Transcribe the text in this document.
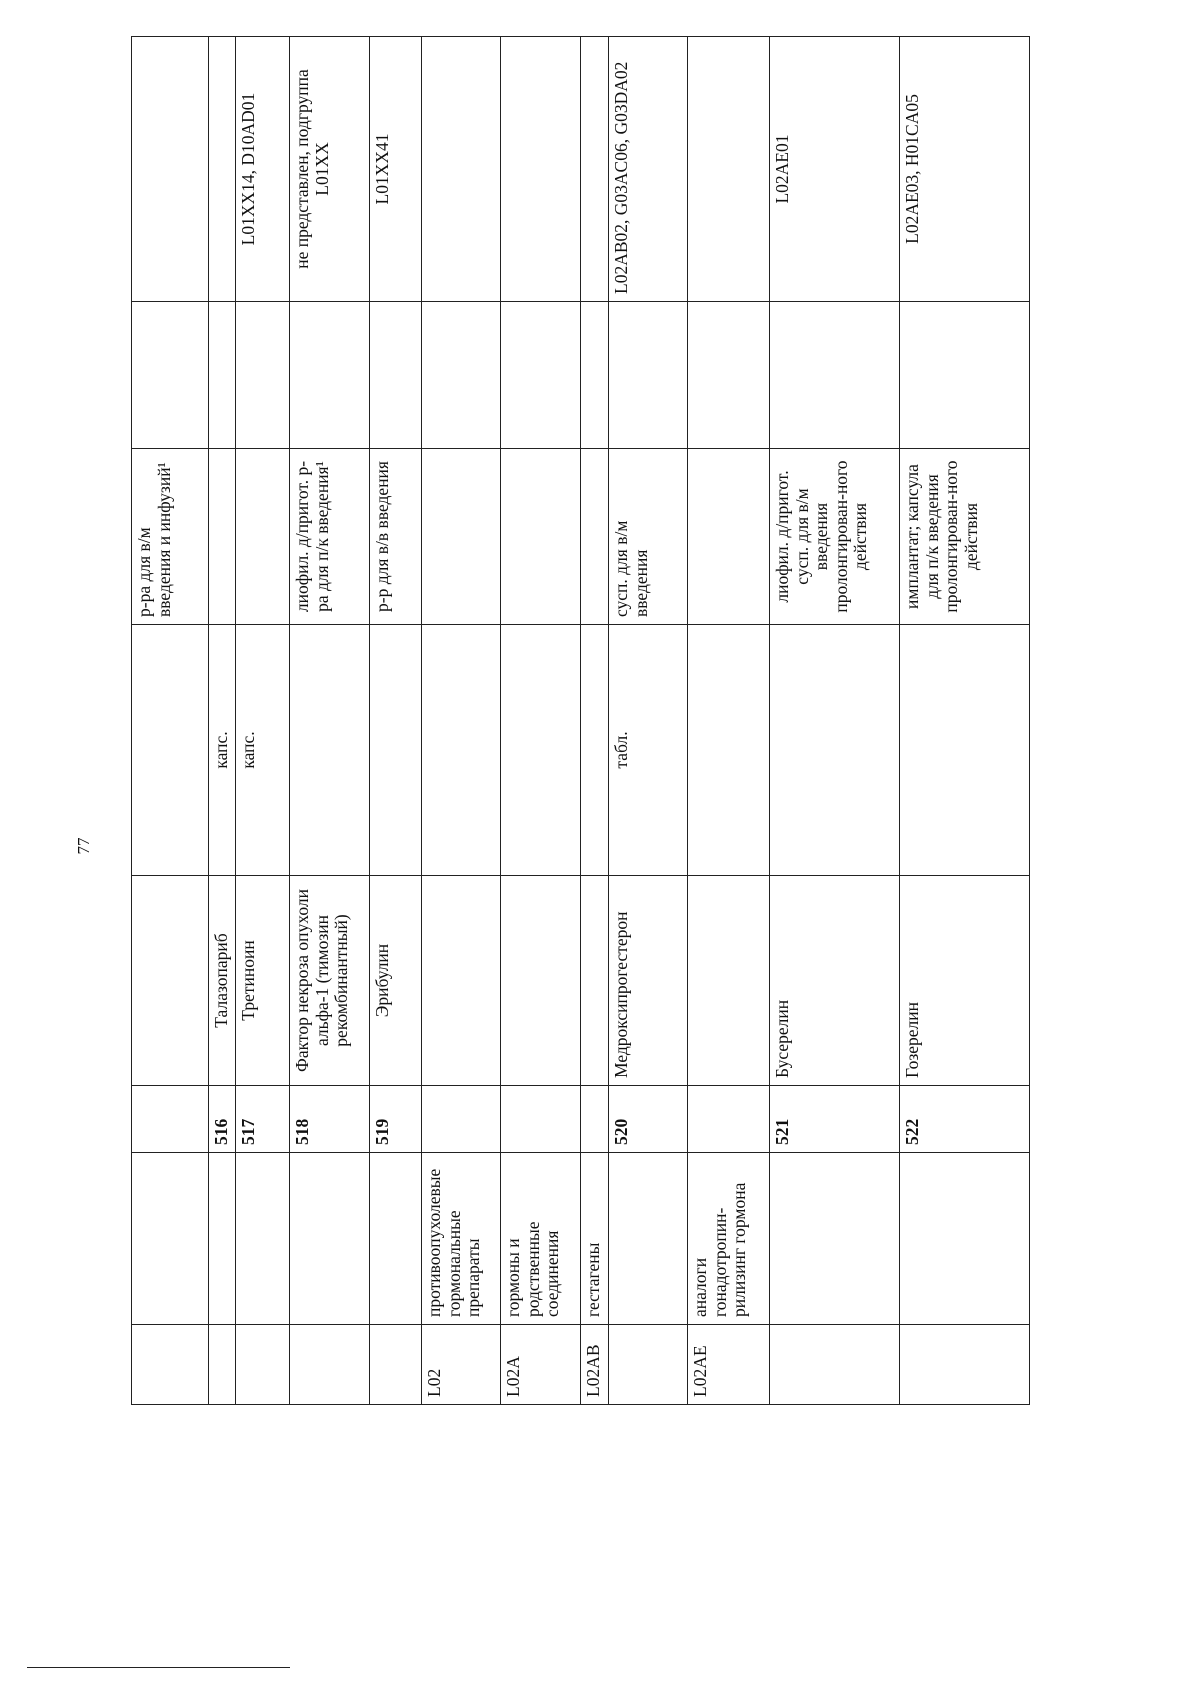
77
					р-ра для в/м введения и инфузий¹		
		516	Талазопариб	капс.			
		517	Третиноин	капс.			L01XX14, D10AD01
		518	Фактор некроза опухоли альфа-1 (тимозин рекомбинантный)		лиофил. д/пригот. р-ра для п/к введения¹		не представлен, подгруппа L01XX
		519	Эрибулин		р-р для в/в введения		L01XX41
L02	противоопухолевые гормональные препараты						
L02A	гормоны и родственные соединения						
L02AB	гестагены						
		520	Медроксипрогестерон	табл.	сусп. для в/м введения		L02AB02, G03AC06, G03DA02
L02AE	аналоги гонадотропин-рилизинг гормона						
		521	Бусерелин		лиофил. д/пригот. сусп. для в/м введения пролонгирован-ного действия		L02AE01
		522	Гозерелин		имплантат; капсула для п/к введения пролонгирован-ного действия		L02AE03, H01CA05
